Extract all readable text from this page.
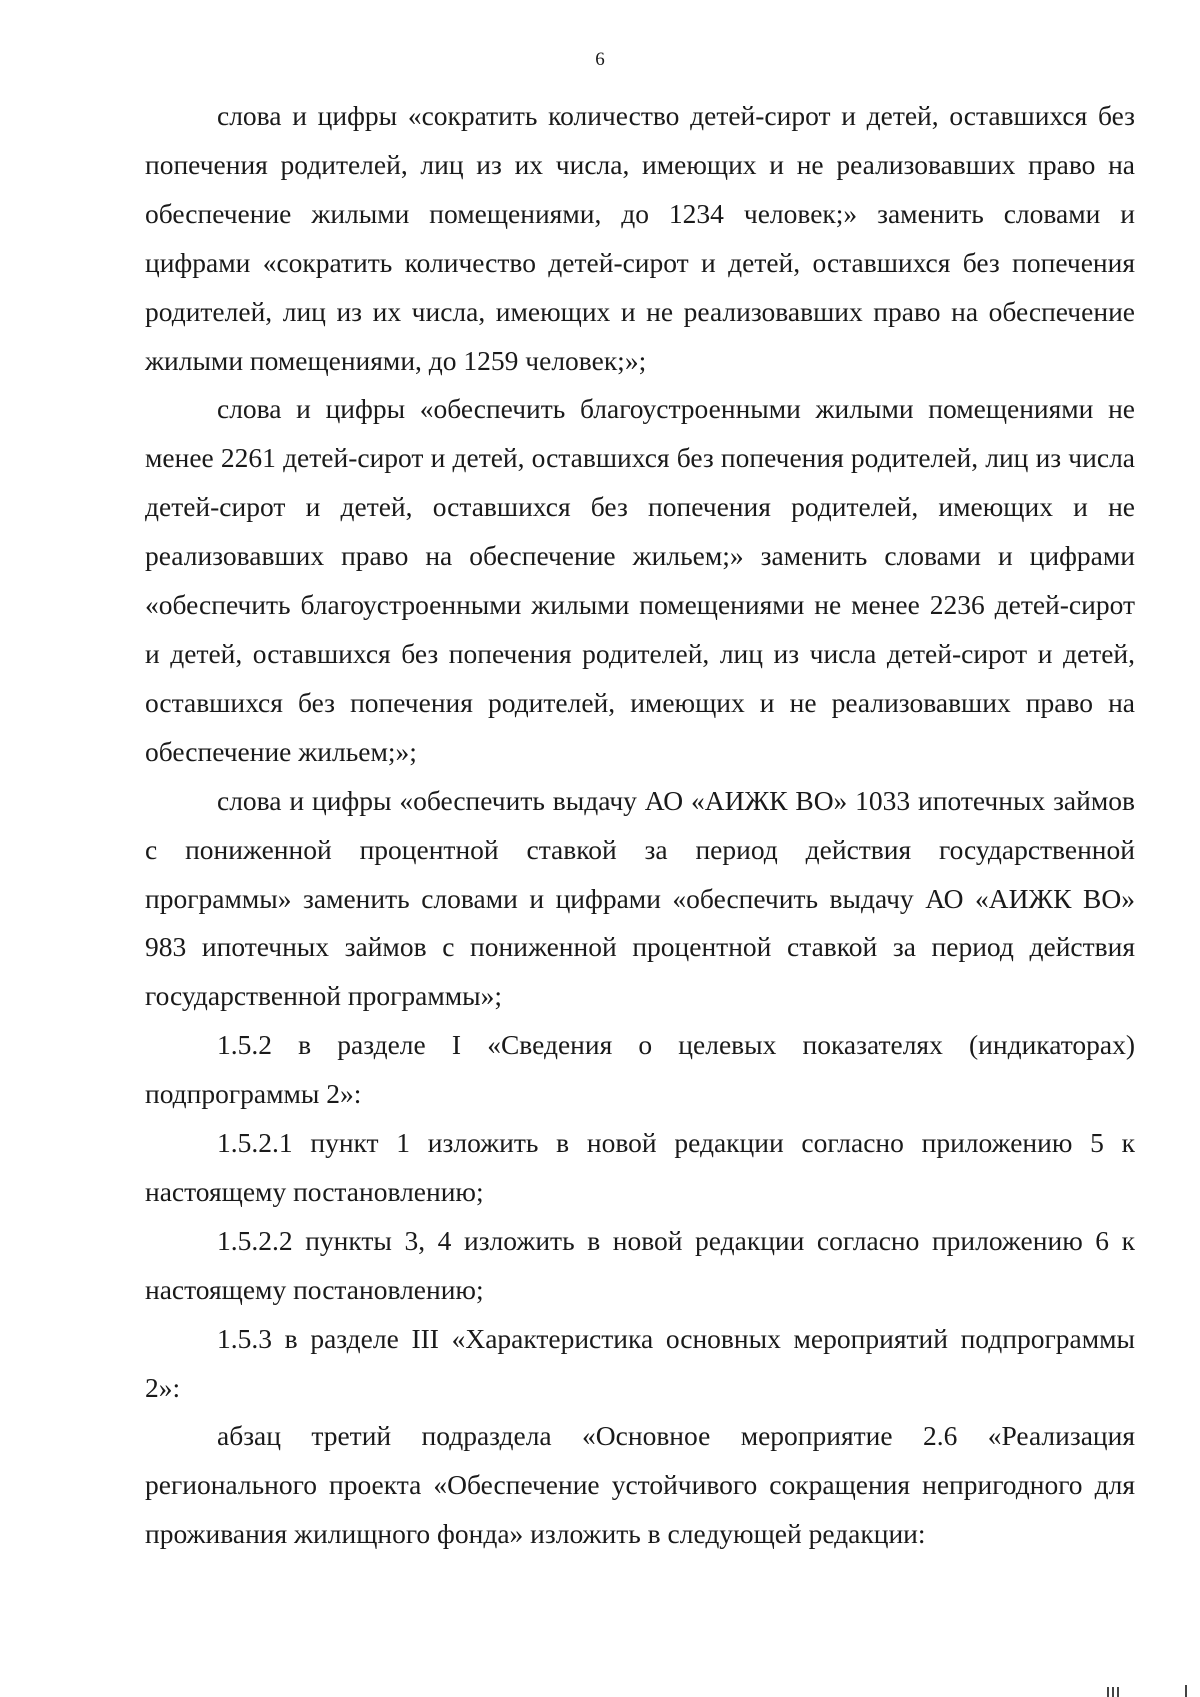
6

слова и цифры «сократить количество детей-сирот и детей, оставшихся без попечения родителей, лиц из их числа, имеющих и не реализовавших право на обеспечение жилыми помещениями, до 1234 человек;» заменить словами и цифрами «сократить количество детей-сирот и детей, оставшихся без попечения родителей, лиц из их числа, имеющих и не реализовавших право на обеспечение жилыми помещениями, до 1259 человек;»;

слова и цифры «обеспечить благоустроенными жилыми помещениями не менее 2261 детей-сирот и детей, оставшихся без попечения родителей, лиц из числа детей-сирот и детей, оставшихся без попечения родителей, имеющих и не реализовавших право на обеспечение жильем;» заменить словами и цифрами «обеспечить благоустроенными жилыми помещениями не менее 2236 детей-сирот и детей, оставшихся без попечения родителей, лиц из числа детей-сирот и детей, оставшихся без попечения родителей, имеющих и не реализовавших право на обеспечение жильем;»;

слова и цифры «обеспечить выдачу АО «АИЖК ВО» 1033 ипотечных займов с пониженной процентной ставкой за период действия государственной программы» заменить словами и цифрами «обеспечить выдачу АО «АИЖК ВО» 983 ипотечных займов с пониженной процентной ставкой за период действия государственной программы»;

1.5.2 в разделе I «Сведения о целевых показателях (индикаторах) подпрограммы 2»:

1.5.2.1 пункт 1 изложить в новой редакции согласно приложению 5 к настоящему постановлению;

1.5.2.2 пункты 3, 4 изложить в новой редакции согласно приложению 6 к настоящему постановлению;

1.5.3 в разделе III «Характеристика основных мероприятий подпрограммы 2»:

абзац третий подраздела «Основное мероприятие 2.6 «Реализация регионального проекта «Обеспечение устойчивого сокращения непригодного для проживания жилищного фонда» изложить в следующей редакции:
